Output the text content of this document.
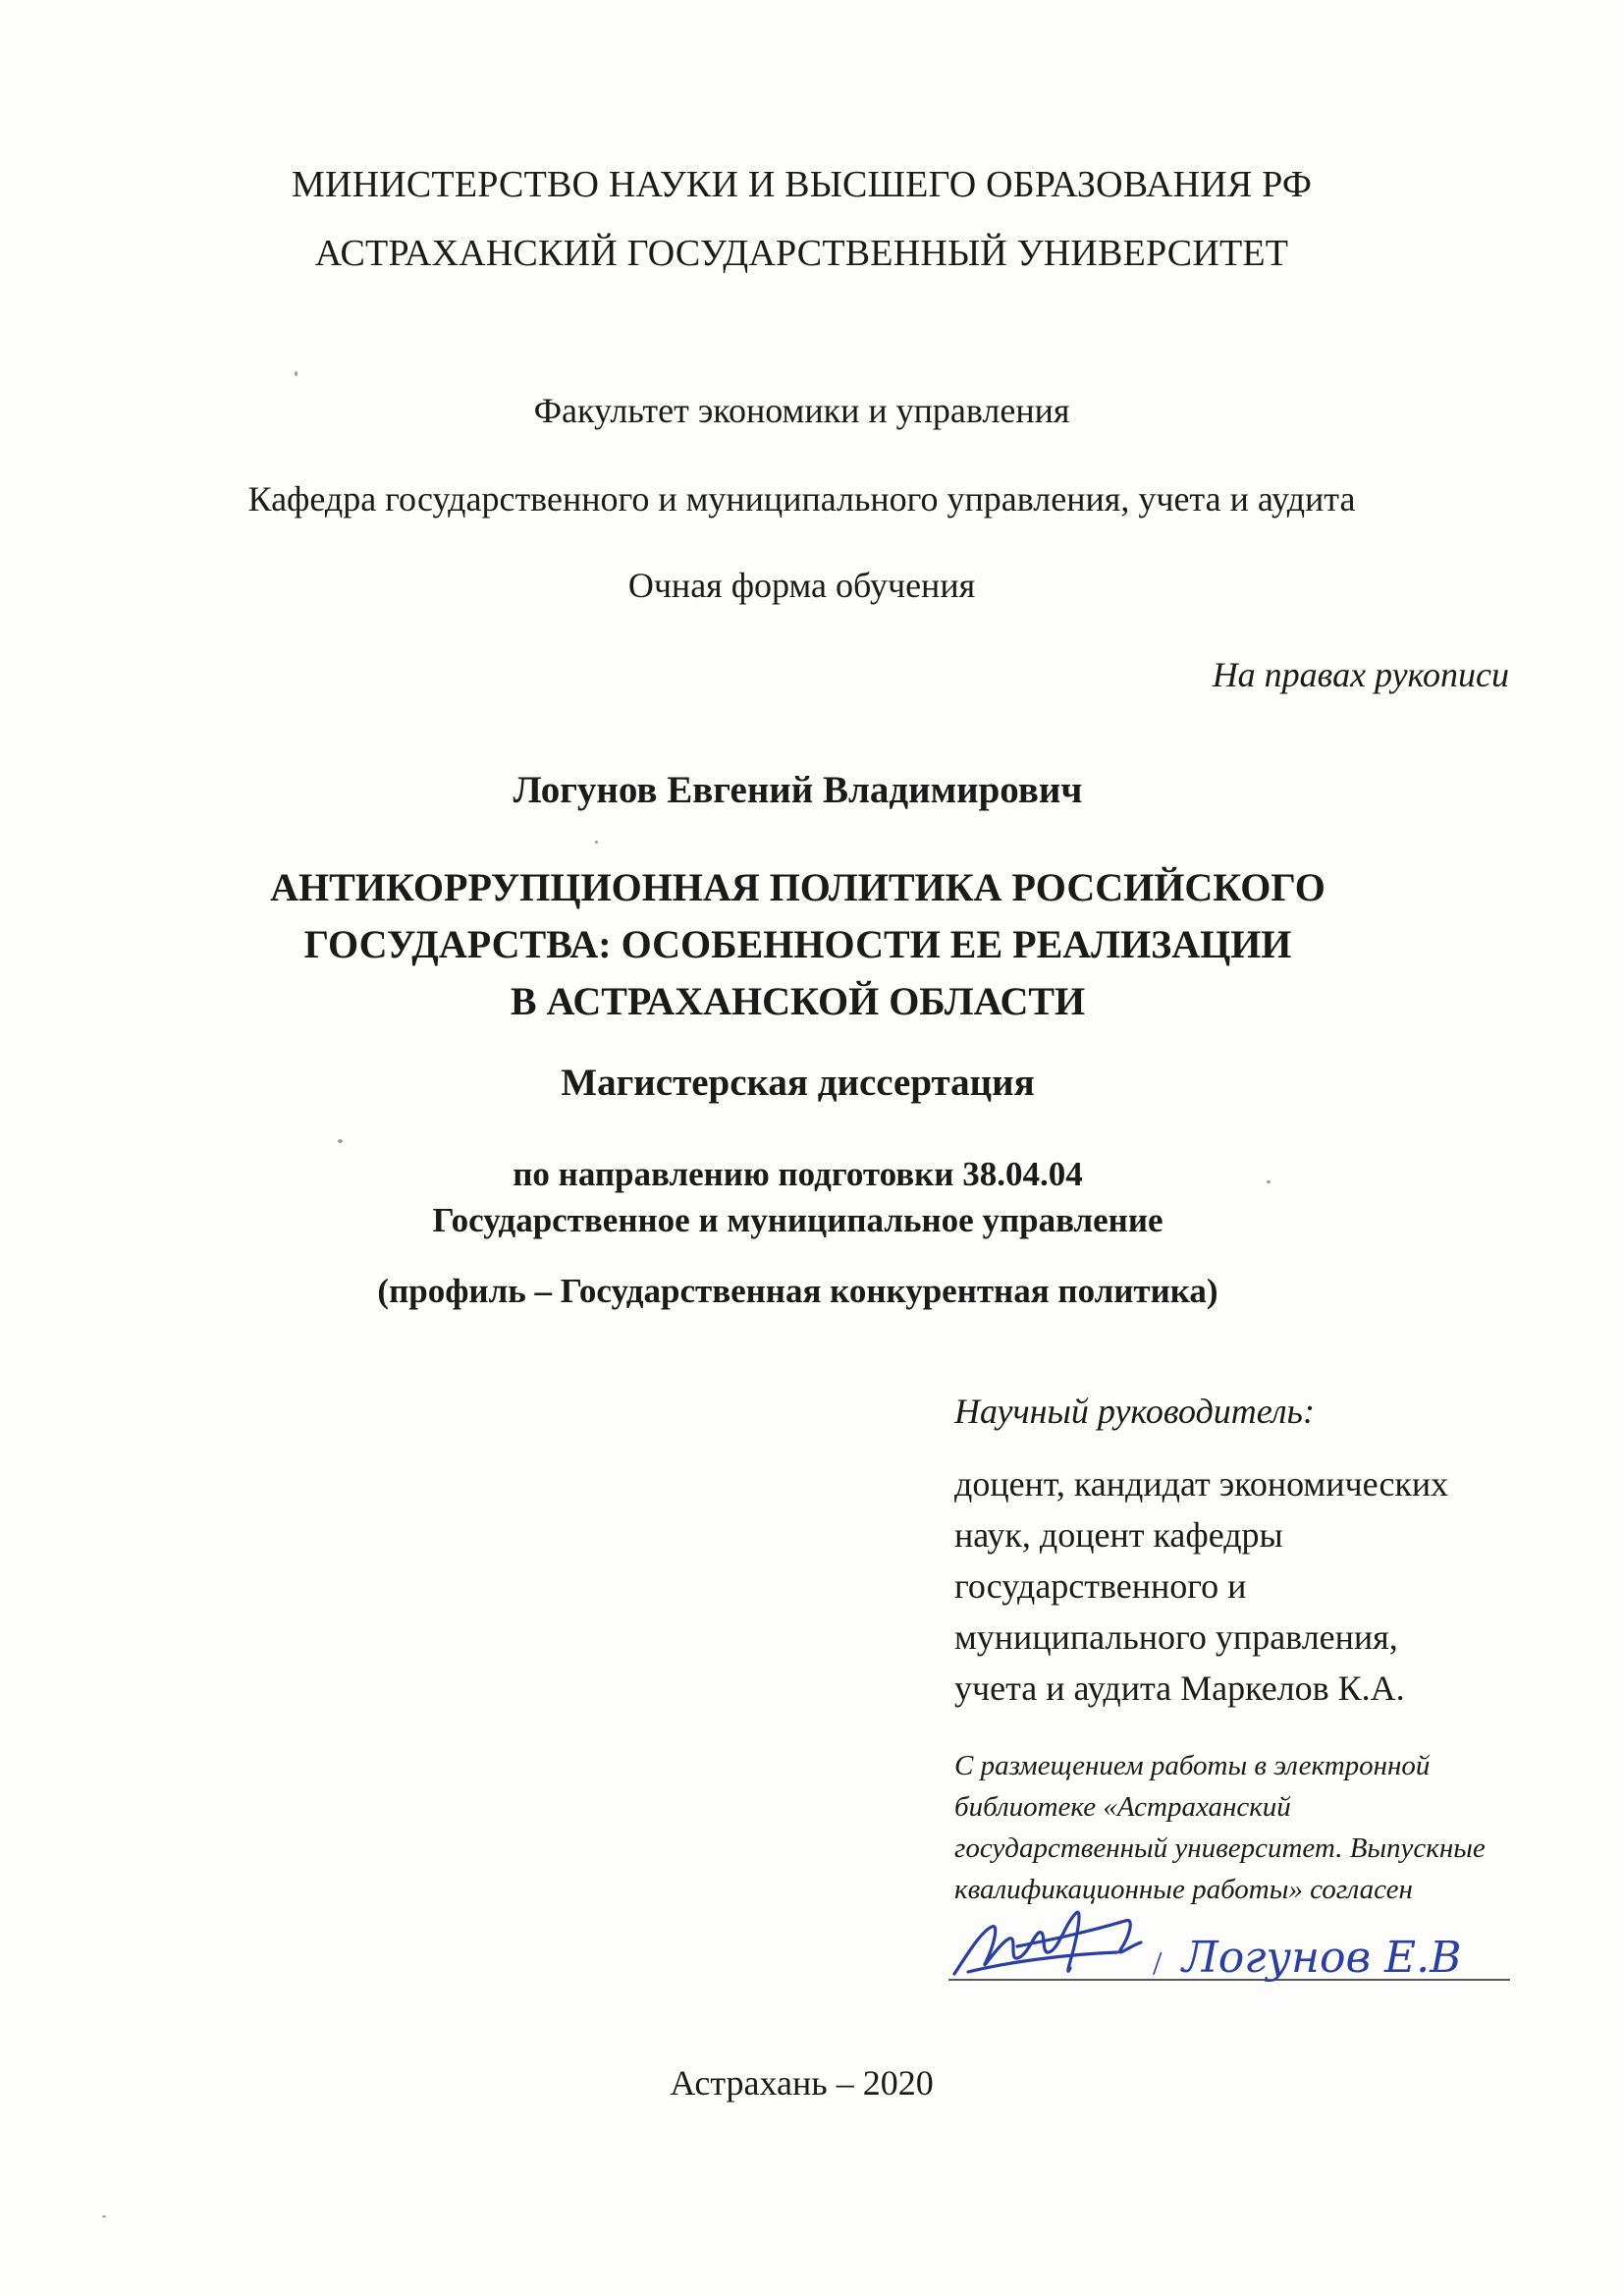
МИНИСТЕРСТВО НАУКИ И ВЫСШЕГО ОБРАЗОВАНИЯ РФ
АСТРАХАНСКИЙ ГОСУДАРСТВЕННЫЙ УНИВЕРСИТЕТ
Факультет экономики и управления
Кафедра государственного и муниципального управления, учета и аудита
Очная форма обучения
На правах рукописи
Логунов Евгений Владимирович
АНТИКОРРУПЦИОННАЯ ПОЛИТИКА РОССИЙСКОГО
ГОСУДАРСТВА: ОСОБЕННОСТИ ЕЕ РЕАЛИЗАЦИИ
В АСТРАХАНСКОЙ ОБЛАСТИ
Магистерская диссертация
по направлению подготовки 38.04.04
Государственное и муниципальное управление
(профиль – Государственная конкурентная политика)
Научный руководитель:
доцент, кандидат экономических
наук, доцент кафедры
государственного и
муниципального управления,
учета и аудита Маркелов К.А.
С размещением работы в электронной
библиотеке «Астраханский
государственный университет. Выпускные
квалификационные работы» согласен
/ Логунов Е.В
Астрахань – 2020
